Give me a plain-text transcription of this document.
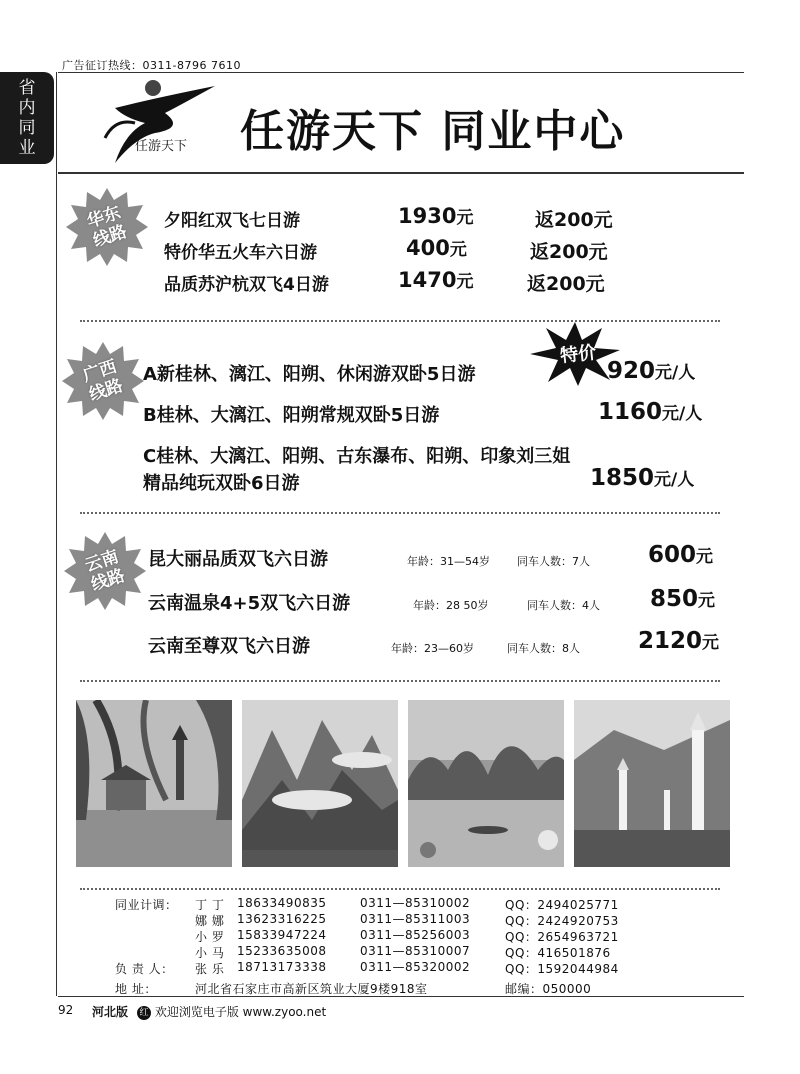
广告征订热线：0311-8796 7610
省
内
同
业	任游天下 任游天下 同业中心
华东
线路
夕阳红双飞七日游	1930元	返200元
特价华五火车六日游	400元	返200元
品质苏沪杭双飞4日游	1470元	返200元
广西
线路
特价
A新桂林、漓江、阳朔、休闲游双卧5日游	920元/人
B桂林、大漓江、阳朔常规双卧5日游	1160元/人
C桂林、大漓江、阳朔、古东瀑布、阳朔、印象刘三姐
精品纯玩双卧6日游	1850元/人
云南
线路
昆大丽品质双飞六日游	年龄：31—54岁 同车人数：7人	600元
云南温泉4+5双飞六日游	年龄：28 50岁	同车人数：4人 850元
云南至尊双飞六日游	年龄：23—60岁	同车人数：8人	2120元
同业计调： 丁 丁 18633490835	0311—85310002	QQ：2494025771
娜 娜 13623316225	0311—85311003	QQ：2424920753
小 罗 15833947224	0311—85256003	QQ：2654963721
小 马 15233635008	0311—85310007	QQ：416501876
负 责 人： 张 乐 18713173338	0311—85320002	QQ：1592044984
地 址：	河北省石家庄市高新区筑业大厦9楼918室	邮编：050000
92 河北版 红 欢迎浏览电子版 www.zyoo.net
